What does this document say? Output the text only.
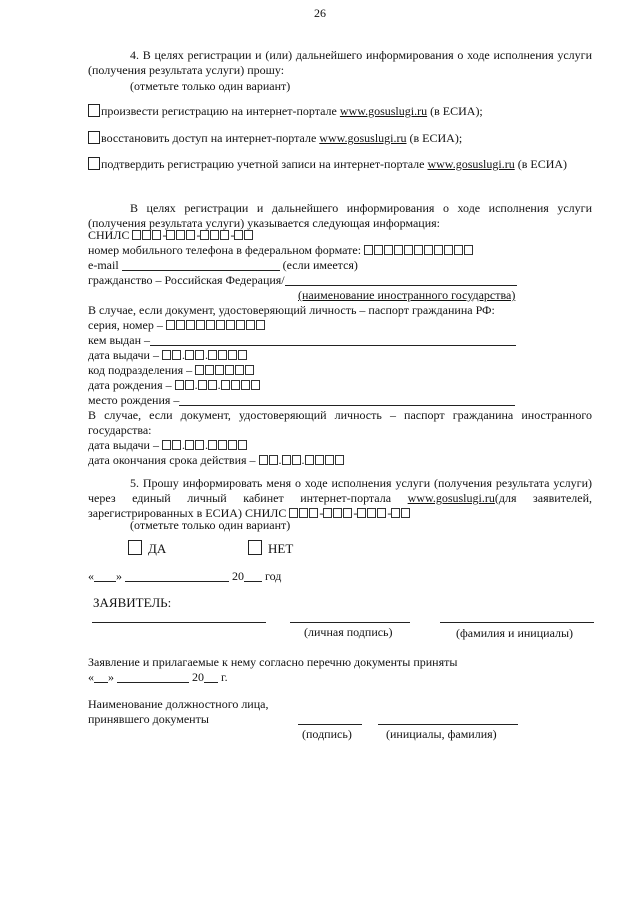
26
4. В целях регистрации и (или) дальнейшего информирования о ходе исполнения услуги (получения результата услуги) прошу:
(отметьте только один вариант)
произвести регистрацию на интернет-портале www.gosuslugi.ru (в ЕСИА);
восстановить доступ на интернет-портале www.gosuslugi.ru (в ЕСИА);
подтвердить регистрацию учетной записи на интернет-портале www.gosuslugi.ru (в ЕСИА)
В целях регистрации и дальнейшего информирования о ходе исполнения услуги (получения результата услуги) указывается следующая информация:
СНИЛС	-	-	-
номер мобильного телефона в федеральном формате:
e-mail	(если имеется)
гражданство – Российская Федерация/
(наименование иностранного государства)
В случае, если документ, удостоверяющий личность – паспорт гражданина РФ:
серия, номер –
кем выдан –
дата выдачи – . .
код подразделения –
дата рождения – . .
место рождения –
В случае, если документ, удостоверяющий личность – паспорт гражданина иностранного государства:
дата выдачи – . .
дата окончания срока действия – . .
5. Прошу информировать меня о ходе исполнения услуги (получения результата услуги) через единый личный кабинет интернет-портала www.gosuslugi.ru(для заявителей, зарегистрированных в ЕСИА) СНИЛС	-	-	-
(отметьте только один вариант)
ДА	НЕТ
« »	20 год
ЗАЯВИТЕЛЬ:
(личная подпись)	(фамилия и инициалы)
Заявление и прилагаемые к нему согласно перечню документы приняты
« »	20 г.
Наименование должностного лица,
принявшего документы
(подпись)	(инициалы, фамилия)
